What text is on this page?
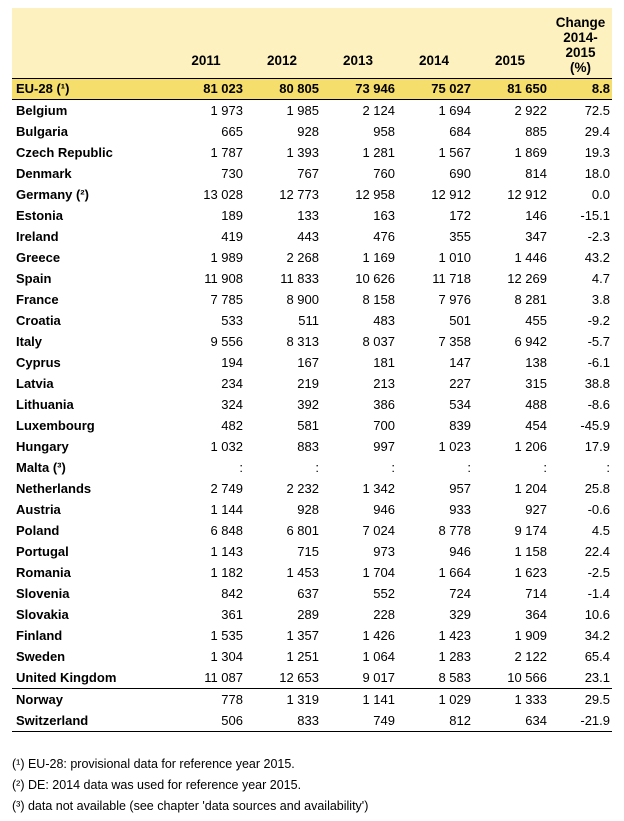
	2011	2012	2013	2014	2015	Change
2014-2015
(%)

EU-28 (¹)	81 023	80 805	73 946	75 027	81 650	8.8
Belgium	1 973	1 985	2 124	1 694	2 922	72.5
Bulgaria	665	928	958	684	885	29.4
Czech Republic	1 787	1 393	1 281	1 567	1 869	19.3
Denmark	730	767	760	690	814	18.0
Germany (²)	13 028	12 773	12 958	12 912	12 912	0.0
Estonia	189	133	163	172	146	-15.1
Ireland	419	443	476	355	347	-2.3
Greece	1 989	2 268	1 169	1 010	1 446	43.2
Spain	11 908	11 833	10 626	11 718	12 269	4.7
France	7 785	8 900	8 158	7 976	8 281	3.8
Croatia	533	511	483	501	455	-9.2
Italy	9 556	8 313	8 037	7 358	6 942	-5.7
Cyprus	194	167	181	147	138	-6.1
Latvia	234	219	213	227	315	38.8
Lithuania	324	392	386	534	488	-8.6
Luxembourg	482	581	700	839	454	-45.9
Hungary	1 032	883	997	1 023	1 206	17.9
Malta (³)	:	:	:	:	:	:
Netherlands	2 749	2 232	1 342	957	1 204	25.8
Austria	1 144	928	946	933	927	-0.6
Poland	6 848	6 801	7 024	8 778	9 174	4.5
Portugal	1 143	715	973	946	1 158	22.4
Romania	1 182	1 453	1 704	1 664	1 623	-2.5
Slovenia	842	637	552	724	714	-1.4
Slovakia	361	289	228	329	364	10.6
Finland	1 535	1 357	1 426	1 423	1 909	34.2
Sweden	1 304	1 251	1 064	1 283	2 122	65.4
United Kingdom	11 087	12 653	9 017	8 583	10 566	23.1
Norway	778	1 319	1 141	1 029	1 333	29.5
Switzerland	506	833	749	812	634	-21.9

(¹) EU-28: provisional data for reference year 2015.

(²) DE: 2014 data was used for reference year 2015.

(³) data not available (see chapter 'data sources and availability')
